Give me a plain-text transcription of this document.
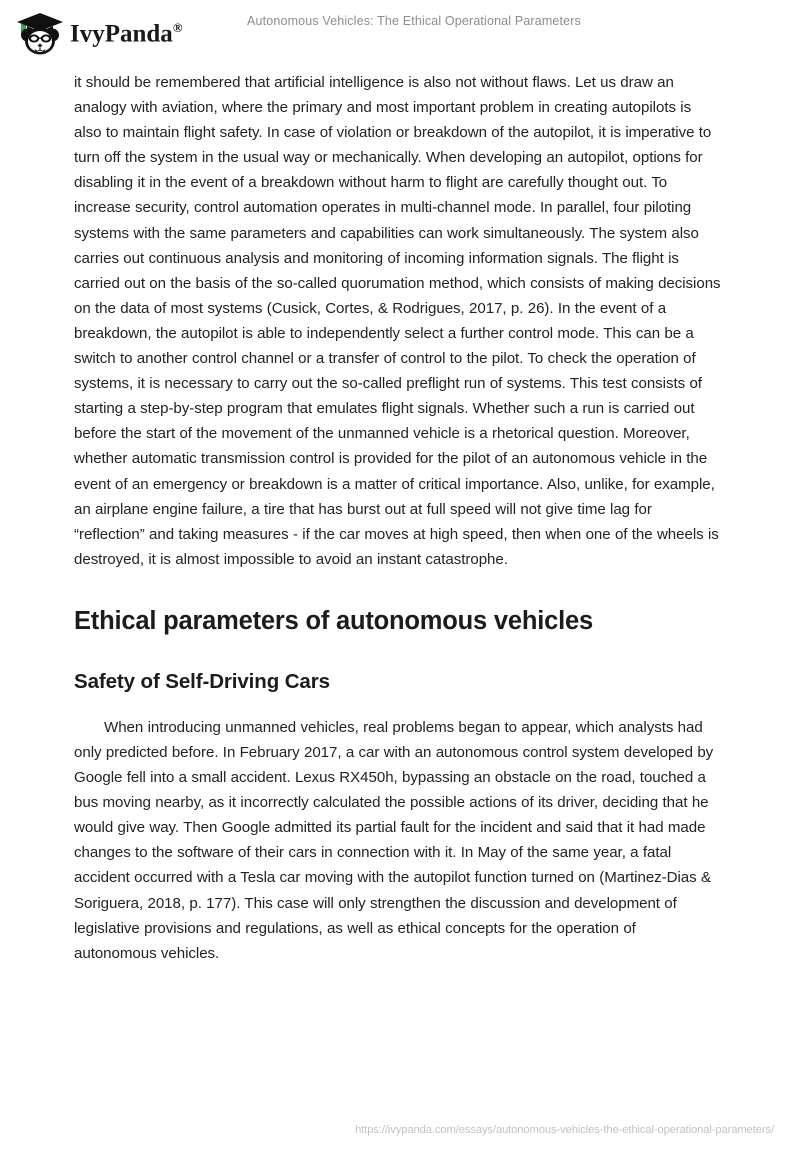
IvyPanda®	Autonomous Vehicles: The Ethical Operational Parameters

it should be remembered that artificial intelligence is also not without flaws. Let us draw an analogy with aviation, where the primary and most important problem in creating autopilots is also to maintain flight safety. In case of violation or breakdown of the autopilot, it is imperative to turn off the system in the usual way or mechanically. When developing an autopilot, options for disabling it in the event of a breakdown without harm to flight are carefully thought out. To increase security, control automation operates in multi-channel mode. In parallel, four piloting systems with the same parameters and capabilities can work simultaneously. The system also carries out continuous analysis and monitoring of incoming information signals. The flight is carried out on the basis of the so-called quorumation method, which consists of making decisions on the data of most systems (Cusick, Cortes, & Rodrigues, 2017, p. 26). In the event of a breakdown, the autopilot is able to independently select a further control mode. This can be a switch to another control channel or a transfer of control to the pilot. To check the operation of systems, it is necessary to carry out the so-called preflight run of systems. This test consists of starting a step-by-step program that emulates flight signals. Whether such a run is carried out before the start of the movement of the unmanned vehicle is a rhetorical question. Moreover, whether automatic transmission control is provided for the pilot of an autonomous vehicle in the event of an emergency or breakdown is a matter of critical importance. Also, unlike, for example, an airplane engine failure, a tire that has burst out at full speed will not give time lag for “reflection” and taking measures - if the car moves at high speed, then when one of the wheels is destroyed, it is almost impossible to avoid an instant catastrophe.

Ethical parameters of autonomous vehicles
Safety of Self-Driving Cars

When introducing unmanned vehicles, real problems began to appear, which analysts had only predicted before. In February 2017, a car with an autonomous control system developed by Google fell into a small accident. Lexus RX450h, bypassing an obstacle on the road, touched a bus moving nearby, as it incorrectly calculated the possible actions of its driver, deciding that he would give way. Then Google admitted its partial fault for the incident and said that it had made changes to the software of their cars in connection with it. In May of the same year, a fatal accident occurred with a Tesla car moving with the autopilot function turned on (Martinez-Dias & Soriguera, 2018, p. 177). This case will only strengthen the discussion and development of legislative provisions and regulations, as well as ethical concepts for the operation of autonomous vehicles.

https://ivypanda.com/essays/autonomous-vehicles-the-ethical-operational-parameters/
